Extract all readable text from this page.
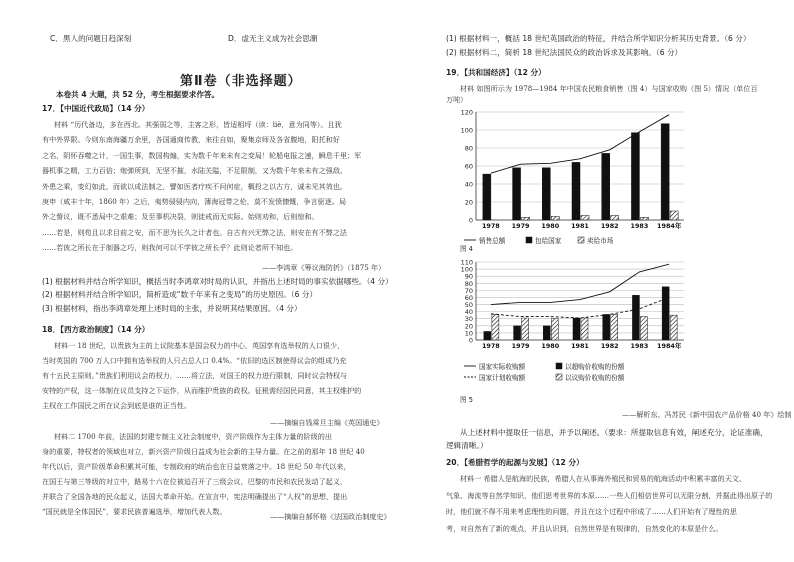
C．黑人的问题日趋深刻	D．虚无主义成为社会思潮
第Ⅱ卷（非选择题）
本卷共 4 大题，共 52 分，考生根据要求作答。
17．【中国近代政局】（14 分）
材料 “历代备边，多在西北。其强弱之等，主客之形，皆适相埒（读：liè，意为同等）。且犹
有中外界限。今则东南海疆万余里，各国通商传教，来往自如，聚集京师及各省腹地，阳托和好
之名，阴怀吞噬之计，一国生事，数国构煽，实为数千年来未有之变局！轮船电报之速，瞬息千里；军
器机事之精，工力百倍；炮弹所到，无坚不摧，水陆关隘，不足限制，又为数千年来未有之强敌。
外患之乘，变幻如此，而欲以成法制之，譬如医者疗疾不问何症，概投之以古方，诚未见其效也。
庚申（咸丰十年，1860 年）之后，夷势骎骎内向，薄海冠带之伦，莫不发愤慷慨，争言驱逐。局
外之訾议，既不悉局中之艰难；及至事机决裂，则徒戒而无实际。始则劝和，后则惊和。
……若是，则苟且以求目前之安，而不思为长久之计者也。自古有兴无弊之法，则安在有不弊之法
……若彼之所长在于制器之巧，则我何可以不学彼之所长乎？此则论者所不知也。
——李鸿章《筹议海防折》（1875 年）
(1) 根据材料并结合所学知识，概括当时李鸿章对时局的认识，并指出上述时局的事实依据哪些。（4 分）
(2) 根据材料并结合所学知识，简析造成“数千年来有之变局”的历史原因。（6 分）
(3) 根据材料，指出李鸿章处理上述时局的主张，并说明其结果原因。（4 分）
18．【西方政治制度】（14 分）
材料一 18 世纪，以贵族为主的上议院基本是国会权力的中心，英国享有选举权的人口很少，
当时英国的 700 万人口中拥有选举权的人只占总人口 0.4%。“依旧的选区制使得议会的组成乃充
有十五民主原则。”贵族们利用议会的权力，……将立法，对国王的权力进行限制，同时议会特权与
安特的产权，这一体制在议员支持之下运作，从而维护贵族的政权。征税需经国民同意，其主权维护的
主权在工作国民之所在议会到底是谁的正当性。
——摘编自钱乘旦主编《英国通史》
材料二 1700 年前，法国的封建专制主义社会制度中，资产阶级作为主体力量的阶级的出
身的重要，特权者的领域也对立，新兴资产阶级日益成为社会新的主导力量。在之前的那年 18 世纪 40
年代以后，资产阶级革命积累其可能，专制政府的统治也在日益衰落之中。18 世纪 50 年代以来，
在国王与第三等级的对立中，路易十六在位被迫召开了三级会议，巴黎的市民和农民发动了起义，
并联合了全国各地的民众起义，法国大革命开始。在宣言中，宪法明确提出了“人权”的思想，提出
“国民就是全体国民”，要求民族普遍选举，增加代表人数。
——摘编自郝怀格《法国政治制度史》
(1) 根据材料一，概括 18 世纪英国政治的特征，并结合所学知识分析其历史背景。（6 分）
(2) 根据材料二，简析 18 世纪法国民众的政治诉求及其影响。（6 分）
19．【共和国经济】（12 分）
材料 如图所示为 1978—1984 年中国农民粮食销售（图 4）与国家收购（图 5）情况（单位百
万吨）
0
20
40
60
80
100
120
1978 1979 1980 1981 1982 1983 1984年
销售总额	包给国家	卖给市场
图 4
0
10
20
30
40
50
60
70
80
90
100
110
1978 1979 1980 1981 1982 1983 1984年
国家实际收购额	以超购价收购的份额
国家计划收购额	以议购价收购的份额
图 5
——解析东、冯苏民《新中国农产品价格 40 年》绘制
从上述材料中提取任一信息，并予以阐述。（要求：所提取信息有效，阐述充分，论证准确，
逻辑清晰。）
20．【希腊哲学的起源与发展】（12 分）
材料一 希腊人是航海的民族，希腊人在从事海外殖民和贸易的航海活动中积累丰富的天文、
气象、海流等自然学知识，他们思考世界的本原……一些人们相信世界可以无限分割，并据此得出原子的
时，他们就不得不用来考虑理性的问题，并且在这个过程中形成了……人们开始有了理性的思
考，对自然有了新的观点，并且认识到，自然世界是有规律的，自然变化的本原是什么。
